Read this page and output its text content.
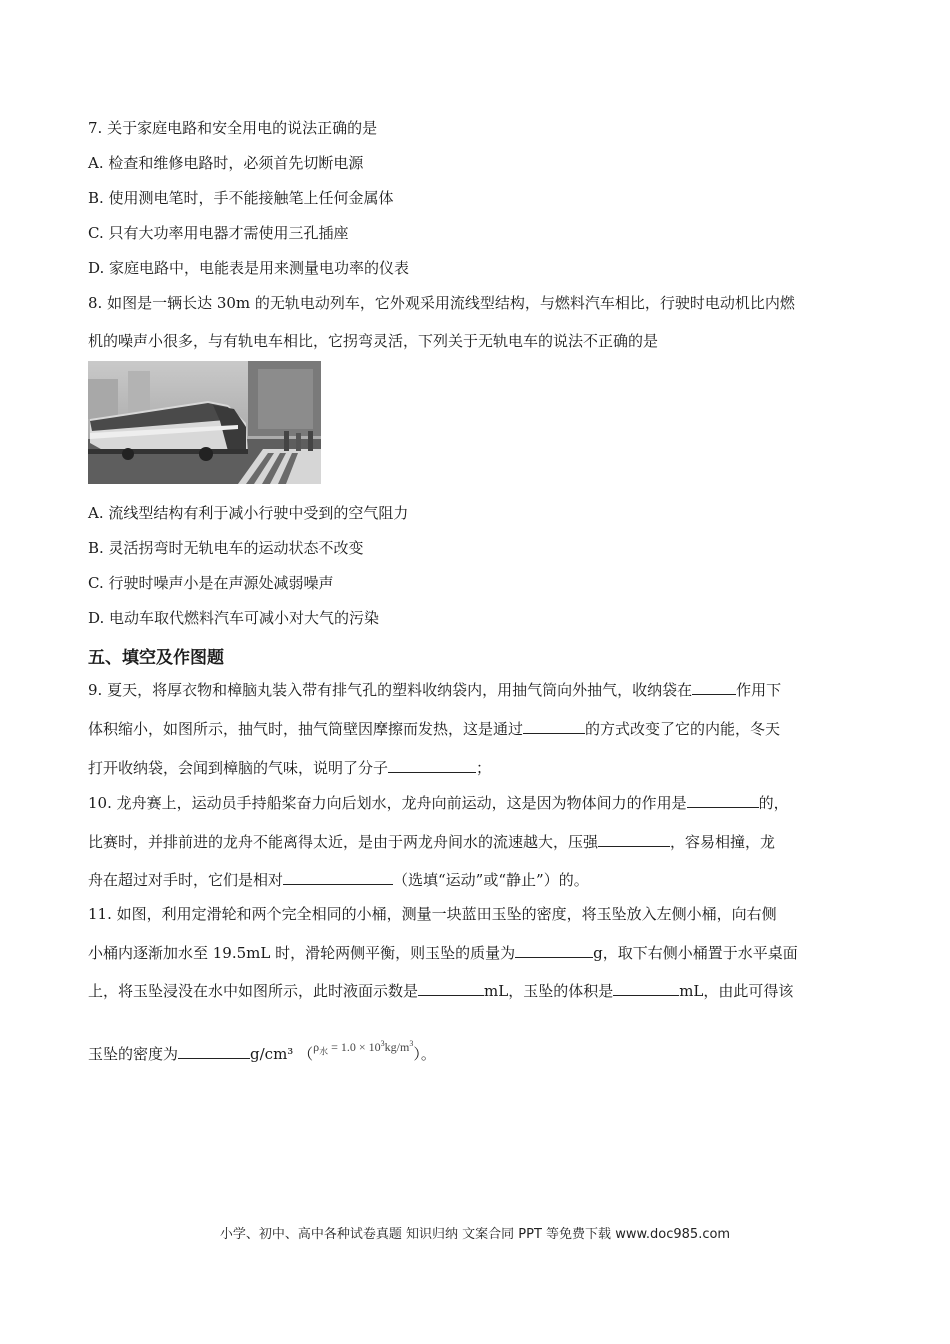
7. 关于家庭电路和安全用电的说法正确的是
A. 检查和维修电路时，必须首先切断电源
B. 使用测电笔时，手不能接触笔上任何金属体
C. 只有大功率用电器才需使用三孔插座
D. 家庭电路中，电能表是用来测量电功率的仪表
8. 如图是一辆长达 30m 的无轨电动列车，它外观采用流线型结构，与燃料汽车相比，行驶时电动机比内燃
机的噪声小很多，与有轨电车相比，它拐弯灵活，下列关于无轨电车的说法不正确的是
A. 流线型结构有利于减小行驶中受到的空气阻力
B. 灵活拐弯时无轨电车的运动状态不改变
C. 行驶时噪声小是在声源处减弱噪声
D. 电动车取代燃料汽车可减小对大气的污染
五、填空及作图题
9. 夏天，将厚衣物和樟脑丸装入带有排气孔的塑料收纳袋内，用抽气筒向外抽气，收纳袋在	作用下
体积缩小，如图所示，抽气时，抽气筒壁因摩擦而发热，这是通过	的方式改变了它的内能，冬天
打开收纳袋，会闻到樟脑的气味，说明了分子	；
10. 龙舟赛上，运动员手持船桨奋力向后划水，龙舟向前运动，这是因为物体间力的作用是	的，
比赛时，并排前进的龙舟不能离得太近，是由于两龙舟间水的流速越大，压强	，容易相撞，龙
舟在超过对手时，它们是相对	（选填“运动”或“静止”）的。
11. 如图，利用定滑轮和两个完全相同的小桶，测量一块蓝田玉坠的密度，将玉坠放入左侧小桶，向右侧
小桶内逐渐加水至 19.5mL 时，滑轮两侧平衡，则玉坠的质量为	g，取下右侧小桶置于水平桌面
上，将玉坠浸没在水中如图所示，此时液面示数是	mL，玉坠的体积是	mL，由此可得该
玉坠的密度为	g/cm³ （$^{\rho_水 = 1.0 \times 10^3kg/m^3}$）。
小学、初中、高中各种试卷真题 知识归纳 文案合同 PPT 等免费下载 www.doc985.com
